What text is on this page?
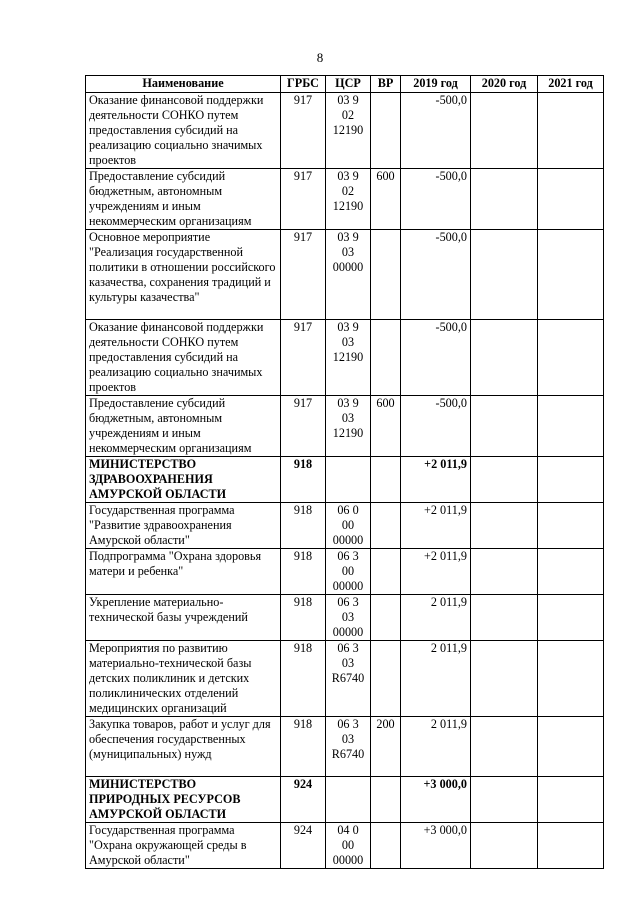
8
Наименование	ГРБС	ЦСР	ВР	2019 год	2020 год	2021 год
Оказание финансовой поддержки деятельности СОНКО путем предоставления субсидий на реализацию социально значимых проектов	917	03 9
02
12190		-500,0		
Предоставление субсидий бюджетным, автономным учреждениям и иным некоммерческим организациям	917	03 9
02
12190	600	-500,0		
Основное мероприятие "Реализация государственной политики в отношении российского казачества, сохранения традиций и культуры казачества"	917	03 9
03
00000		-500,0		
Оказание финансовой поддержки деятельности СОНКО путем предоставления субсидий на реализацию социально значимых проектов	917	03 9
03
12190		-500,0		
Предоставление субсидий бюджетным, автономным учреждениям и иным некоммерческим организациям	917	03 9
03
12190	600	-500,0		
МИНИСТЕРСТВО ЗДРАВООХРАНЕНИЯ АМУРСКОЙ ОБЛАСТИ	918			+2 011,9		
Государственная программа "Развитие здравоохранения Амурской области"	918	06 0
00
00000		+2 011,9		
Подпрограмма "Охрана здоровья матери и ребенка"	918	06 3
00
00000		+2 011,9		
Укрепление материально-технической базы учреждений	918	06 3
03
00000		2 011,9		
Мероприятия по развитию материально-технической базы детских поликлиник и детских поликлинических отделений медицинских организаций	918	06 3
03
R6740		2 011,9		
Закупка товаров, работ и услуг для обеспечения государственных (муниципальных) нужд	918	06 3
03
R6740	200	2 011,9		
МИНИСТЕРСТВО ПРИРОДНЫХ РЕСУРСОВ АМУРСКОЙ ОБЛАСТИ	924			+3 000,0		
Государственная программа "Охрана окружающей среды в Амурской области"	924	04 0
00
00000		+3 000,0		
